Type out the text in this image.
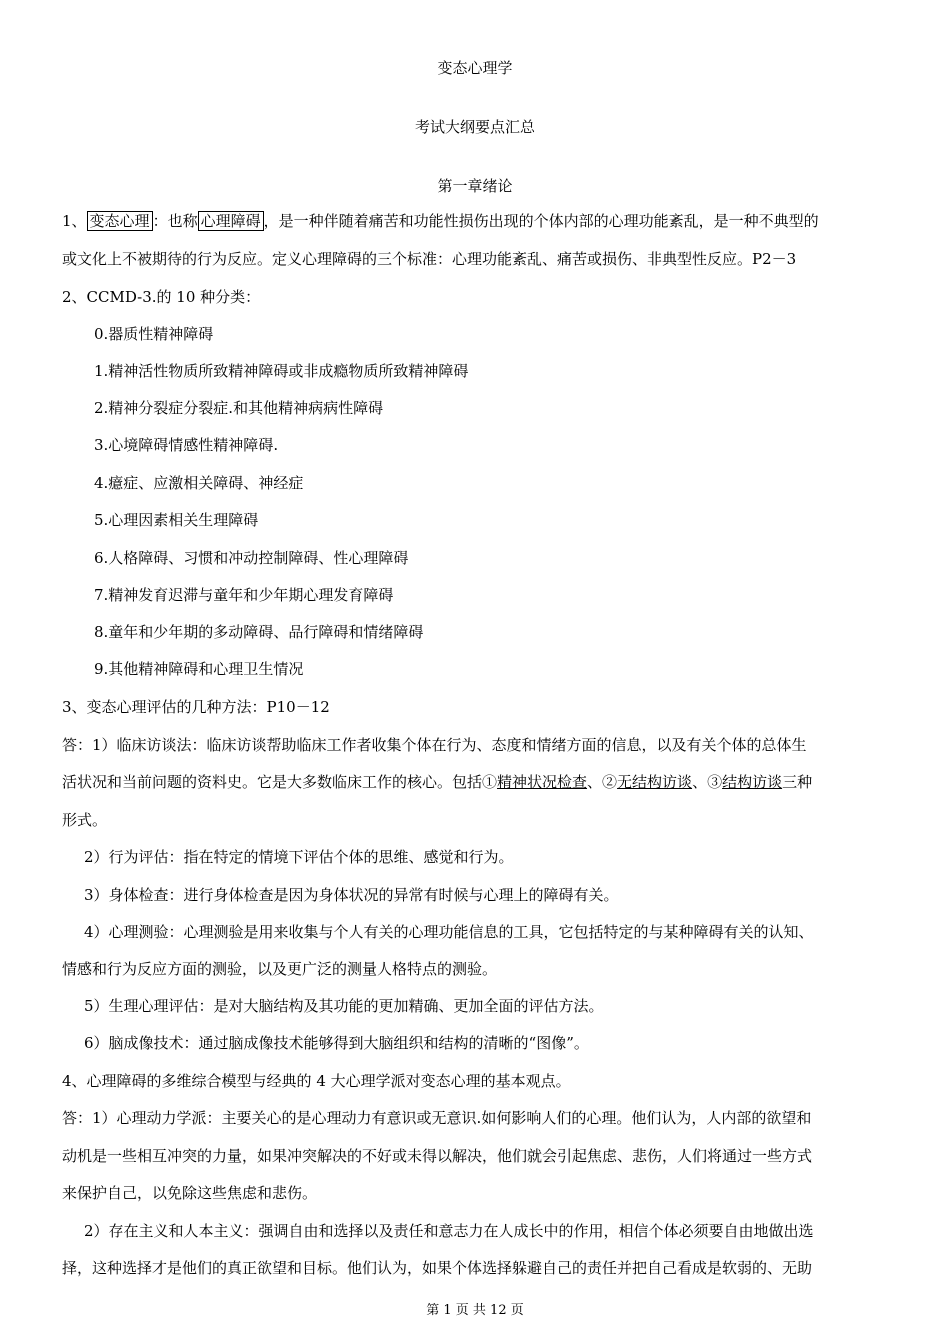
变态心理学
考试大纲要点汇总
第一章绪论
1、 变态心理 ：也称 心理障碍 ，是一种伴随着痛苦和功能性损伤出现的个体内部的心理功能紊乱，是一种不典型的
或文化上不被期待的行为反应。定义心理障碍的三个标准：心理功能紊乱、痛苦或损伤、非典型性反应。P2－3
2、CCMD-3.的 10 种分类：
0.器质性精神障碍
1.精神活性物质所致精神障碍或非成瘾物质所致精神障碍
2.精神分裂症分裂症.和其他精神病病性障碍
3.心境障碍情感性精神障碍.
4.癔症、应激相关障碍、神经症
5.心理因素相关生理障碍
6.人格障碍、习惯和冲动控制障碍、性心理障碍
7.精神发育迟滞与童年和少年期心理发育障碍
8.童年和少年期的多动障碍、品行障碍和情绪障碍
9.其他精神障碍和心理卫生情况
3、变态心理评估的几种方法：P10－12
答：1）临床访谈法：临床访谈帮助临床工作者收集个体在行为、态度和情绪方面的信息，以及有关个体的总体生
活状况和当前问题的资料史。它是大多数临床工作的核心。包括①精神状况检查、②无结构访谈、③结构访谈三种
形式。
2）行为评估：指在特定的情境下评估个体的思维、感觉和行为。
3）身体检查：进行身体检查是因为身体状况的异常有时候与心理上的障碍有关。
4）心理测验：心理测验是用来收集与个人有关的心理功能信息的工具，它包括特定的与某种障碍有关的认知、
情感和行为反应方面的测验，以及更广泛的测量人格特点的测验。
5）生理心理评估：是对大脑结构及其功能的更加精确、更加全面的评估方法。
6）脑成像技术：通过脑成像技术能够得到大脑组织和结构的清晰的“图像”。
4、心理障碍的多维综合模型与经典的 4 大心理学派对变态心理的基本观点。
答：1）心理动力学派：主要关心的是心理动力有意识或无意识.如何影响人们的心理。他们认为，人内部的欲望和
动机是一些相互冲突的力量，如果冲突解决的不好或未得以解决，他们就会引起焦虑、悲伤，人们将通过一些方式
来保护自己，以免除这些焦虑和悲伤。
2）存在主义和人本主义：强调自由和选择以及责任和意志力在人成长中的作用，相信个体必须要自由地做出选
择，这种选择才是他们的真正欲望和目标。他们认为，如果个体选择躲避自己的责任并把自己看成是软弱的、无助
第 1 页 共 12 页
